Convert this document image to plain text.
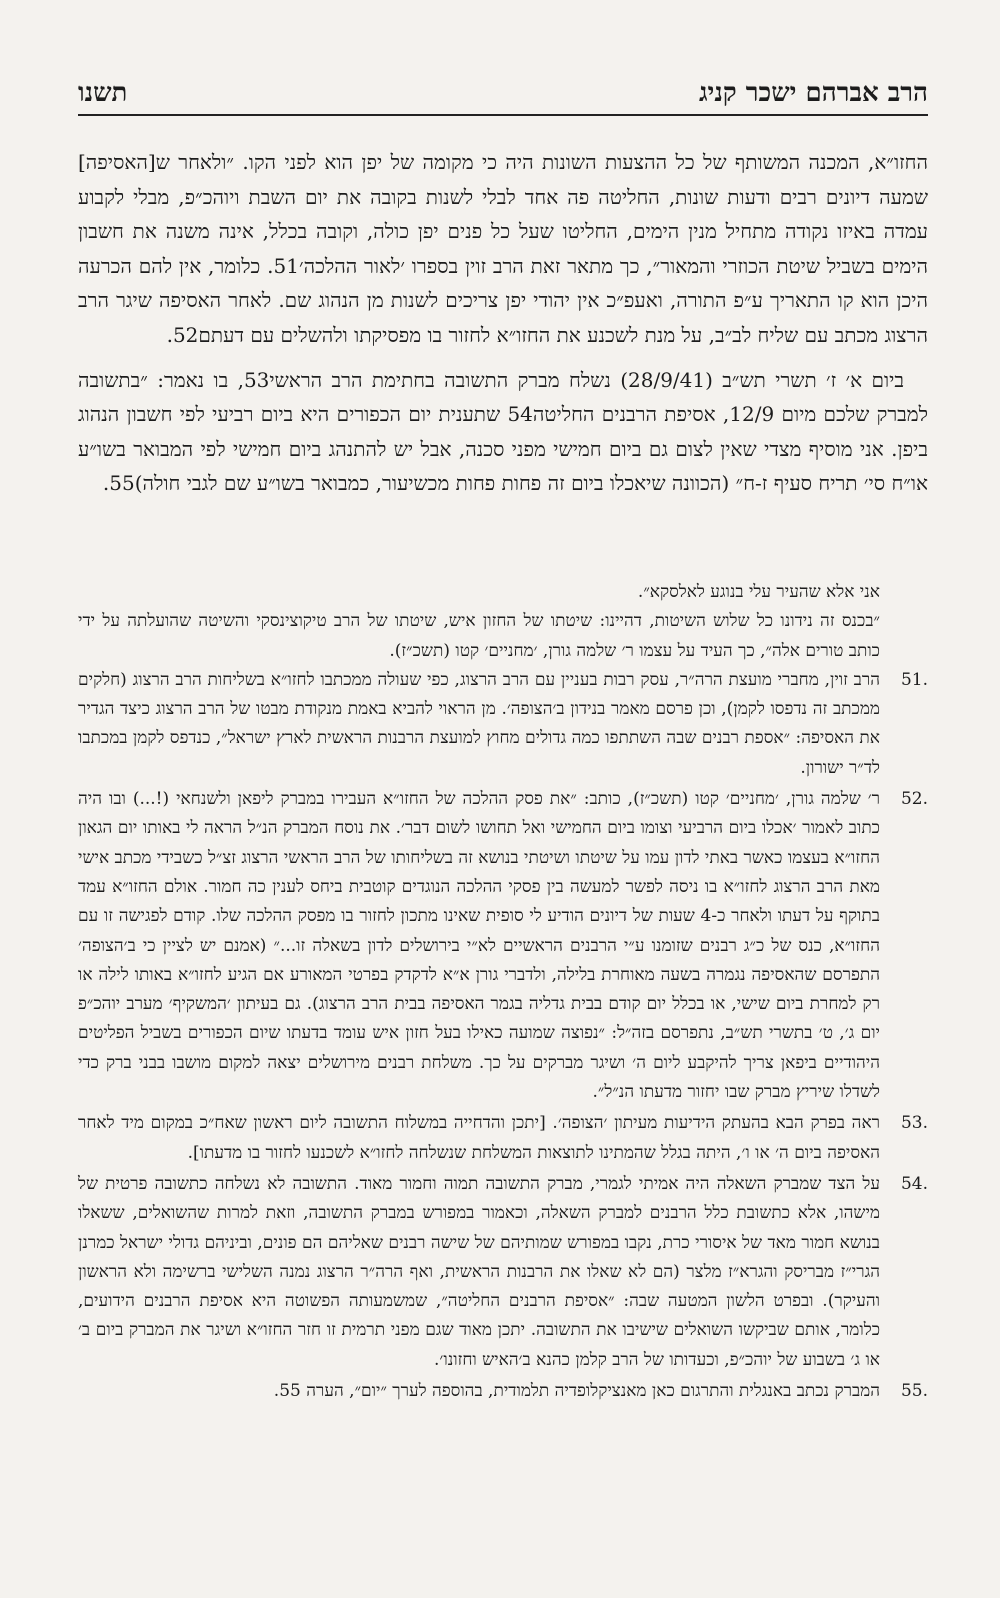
תשנו	הרב אברהם ישכר קניג

החזו״א, המכנה המשותף של כל ההצעות השונות היה כי מקומה של יפן הוא לפני הקו. ״ולאחר ש[האסיפה] שמעה דיונים רבים ודעות שונות, החליטה פה אחד לבלי לשנות בקובה את יום השבת ויוהכ״פ, מבלי לקבוע עמדה באיזו נקודה מתחיל מנין הימים, החליטו שעל כל פנים יפן כולה, וקובה בכלל, אינה משנה את חשבון הימים בשביל שיטת הכוזרי והמאור״, כך מתאר זאת הרב זוין בספרו ׳לאור ההלכה׳51. כלומר, אין להם הכרעה היכן הוא קו התאריך ע״פ התורה, ואעפ״כ אין יהודי יפן צריכים לשנות מן הנהוג שם. לאחר האסיפה שיגר הרב הרצוג מכתב עם שליח לב״ב, על מנת לשכנע את החזו״א לחזור בו מפסיקתו ולהשלים עם דעתם52.

ביום א׳ ז׳ תשרי תש״ב (28/9/41) נשלח מברק התשובה בחתימת הרב הראשי53, בו נאמר: ״בתשובה למברק שלכם מיום 12/9, אסיפת הרבנים החליטה54 שתענית יום הכפורים היא ביום רביעי לפי חשבון הנהוג ביפן. אני מוסיף מצדי שאין לצום גם ביום חמישי מפני סכנה, אבל יש להתנהג ביום חמישי לפי המבואר בשו״ע או״ח סי׳ תריח סעיף ז-ח״ (הכוונה שיאכלו ביום זה פחות פחות מכשיעור, כמבואר בשו״ע שם לגבי חולה)55.

אני אלא שהעיר עלי בנוגע לאלסקא״.
״בכנס זה נידונו כל שלוש השיטות, דהיינו: שיטתו של החזון איש, שיטתו של הרב טיקוצינסקי והשיטה שהועלתה על ידי כותב טורים אלה״, כך העיד על עצמו ר׳ שלמה גורן, ׳מחניים׳ קטו (תשכ״ז).
.51
הרב זוין, מחברי מועצת הרה״ר, עסק רבות בעניין עם הרב הרצוג, כפי שעולה ממכתבו לחזו״א בשליחות הרב הרצוג (חלקים ממכתב זה נדפסו לקמן), וכן פרסם מאמר בנידון ב׳הצופה׳. מן הראוי להביא באמת מנקודת מבטו של הרב הרצוג כיצד הגדיר את האסיפה: ״אספת רבנים שבה השתתפו כמה גדולים מחוץ למועצת הרבנות הראשית לארץ ישראל״, כנדפס לקמן במכתבו לד״ר ישורון.
.52
ר׳ שלמה גורן, ׳מחניים׳ קטו (תשכ״ז), כותב: ״את פסק ההלכה של החזו״א העבירו במברק ליפאן ולשנחאי (!...) ובו היה כתוב לאמור ׳אכלו ביום הרביעי וצומו ביום החמישי ואל תחושו לשום דבר׳. את נוסח המברק הנ״ל הראה לי באותו יום הגאון החזו״א בעצמו כאשר באתי לדון עמו על שיטתו ושיטתי בנושא זה בשליחותו של הרב הראשי הרצוג זצ״ל כשבידי מכתב אישי מאת הרב הרצוג לחזו״א בו ניסה לפשר למעשה בין פסקי ההלכה הנוגדים קוטבית ביחס לענין כה חמור. אולם החזו״א עמד בתוקף על דעתו ולאחר כ-4 שעות של דיונים הודיע לי סופית שאינו מתכון לחזור בו מפסק ההלכה שלו. קודם לפגישה זו עם החזו״א, כנס של כ״ג רבנים שזומנו ע״י הרבנים הראשיים לא״י בירושלים לדון בשאלה זו...״ (אמנם יש לציין כי ב׳הצופה׳ התפרסם שהאסיפה נגמרה בשעה מאוחרת בלילה, ולדברי גורן א״א לדקדק בפרטי המאורע אם הגיע לחזו״א באותו לילה או רק למחרת ביום שישי, או בכלל יום קודם בבית גדליה בגמר האסיפה בבית הרב הרצוג). גם בעיתון ׳המשקיף׳ מערב יוהכ״פ יום ג׳, ט׳ בתשרי תש״ב, נתפרסם בזה״ל: ״נפוצה שמועה כאילו בעל חזון איש עומד בדעתו שיום הכפורים בשביל הפליטים היהודיים ביפאן צריך להיקבע ליום ה׳ ושיגר מברקים על כך. משלחת רבנים מירושלים יצאה למקום מושבו בבני ברק כדי לשדלו שיריץ מברק שבו יחזור מדעתו הנ״ל״.
.53
ראה בפרק הבא בהעתק הידיעות מעיתון ׳הצופה׳. [יתכן והדחייה במשלוח התשובה ליום ראשון שאח״כ במקום מיד לאחר האסיפה ביום ה׳ או ו׳, היתה בגלל שהמתינו לתוצאות המשלחת שנשלחה לחזו״א לשכנעו לחזור בו מדעתו].
.54
על הצד שמברק השאלה היה אמיתי לגמרי, מברק התשובה תמוה וחמור מאוד. התשובה לא נשלחה כתשובה פרטית של מישהו, אלא כתשובת כלל הרבנים למברק השאלה, וכאמור במפורש במברק התשובה, וזאת למרות שהשואלים, ששאלו בנושא חמור מאד של איסורי כרת, נקבו במפורש שמותיהם של שישה רבנים שאליהם הם פונים, וביניהם גדולי ישראל כמרנן הגרי״ז מבריסק והגרא״ז מלצר (הם לא שאלו את הרבנות הראשית, ואף הרה״ר הרצוג נמנה השלישי ברשימה ולא הראשון והעיקר). ובפרט הלשון המטעה שבה: ״אסיפת הרבנים החליטה״, שמשמעותה הפשוטה היא אסיפת הרבנים הידועים, כלומר, אותם שביקשו השואלים שישיבו את התשובה. יתכן מאוד שגם מפני תרמית זו חזר החזו״א ושיגר את המברק ביום ב׳ או ג׳ בשבוע של יוהכ״פ, וכעדותו של הרב קלמן כהנא ב׳האיש וחזונו׳.
.55
המברק נכתב באנגלית והתרגום כאן מאנציקלופדיה תלמודית, בהוספה לערך ״יום״, הערה 55.
